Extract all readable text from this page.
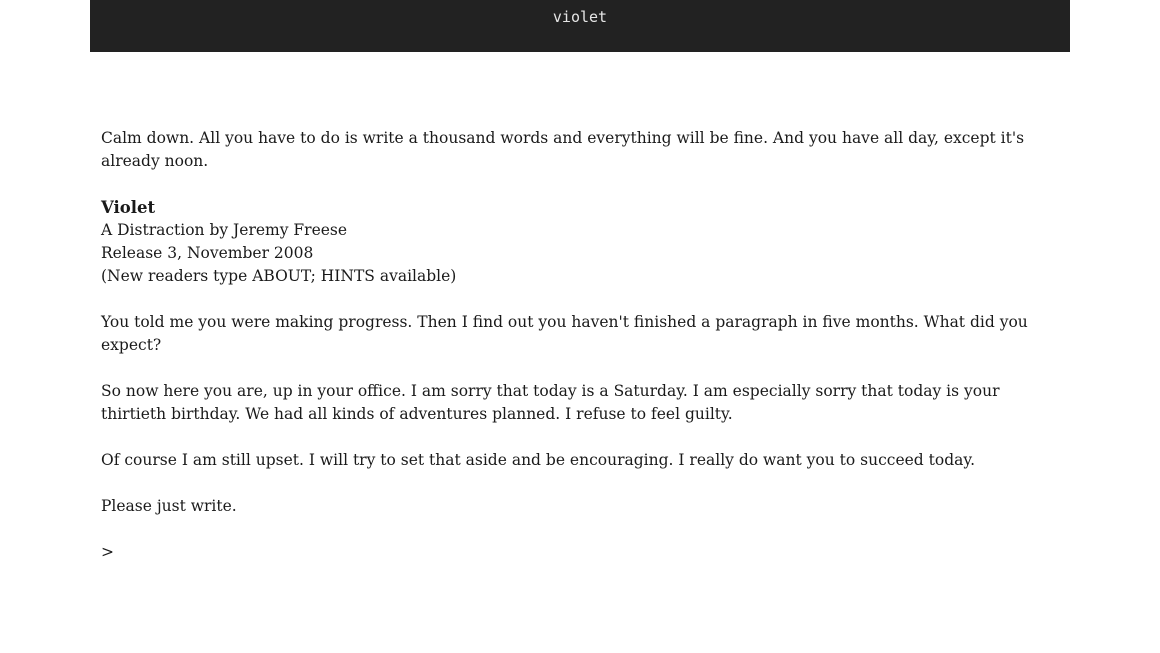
violet

Calm down. All you have to do is write a thousand words and everything will be fine. And you have all day, except it's already noon.

Violet
A Distraction by Jeremy Freese
Release 3, November 2008
(New readers type ABOUT; HINTS available)

You told me you were making progress. Then I find out you haven't finished a paragraph in five months. What did you expect?

So now here you are, up in your office. I am sorry that today is a Saturday. I am especially sorry that today is your thirtieth birthday. We had all kinds of adventures planned. I refuse to feel guilty.

Of course I am still upset. I will try to set that aside and be encouraging. I really do want you to succeed today.

Please just write.

>
